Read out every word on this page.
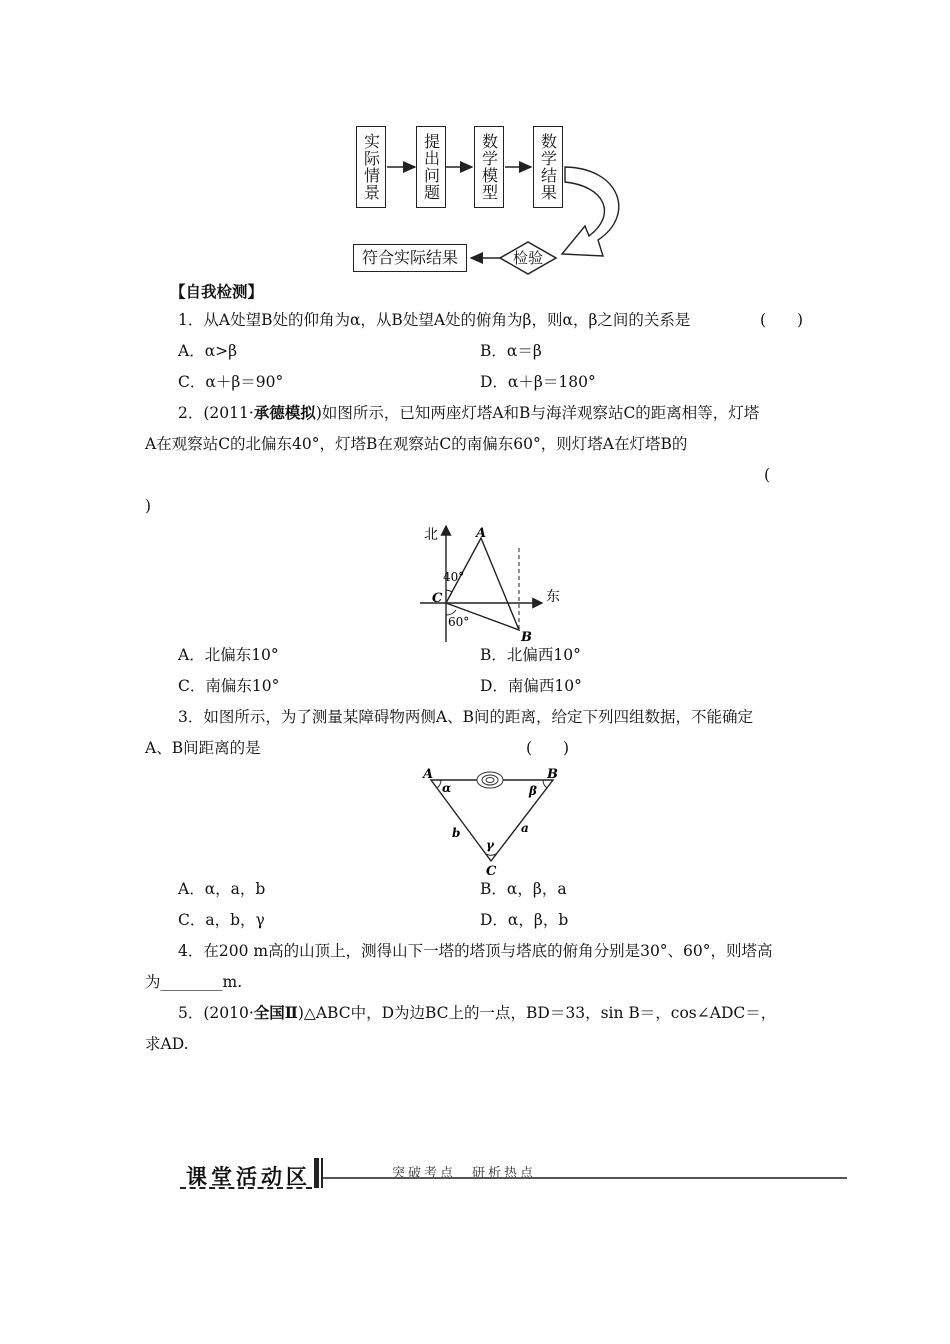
实际情景	提出问题	数学模型	数学结果
检验
符合实际结果
【自我检测】
1．从A处望B处的仰角为α，从B处望A处的俯角为β，则α，β之间的关系是	(　　)
A．α>β	B．α＝β
C．α＋β＝90°	D．α＋β＝180°
2．(2011·承德模拟)如图所示，已知两座灯塔A和B与海洋观察站C的距离相等，灯塔
A在观察站C的北偏东40°，灯塔B在观察站C的南偏东60°，则灯塔A在灯塔B的
(
)
北
东
A
B
C
40°
60°
A．北偏东10°	B．北偏西10°
C．南偏东10°	D．南偏西10°
3．如图所示，为了测量某障碍物两侧A、B间的距离，给定下列四组数据，不能确定
A、B间距离的是	(　　)
A	B
C
α	β
γ
a
b
A．α，a，b	B．α，β，a
C．a，b，γ	D．α，β，b
4．在200 m高的山顶上，测得山下一塔的塔顶与塔底的俯角分别是30°、60°，则塔高
为________m.
5．(2010·全国Ⅱ)△ABC中，D为边BC上的一点，BD＝33，sin B＝，cos∠ADC＝，
求AD.
课堂活动区	突破考点　研析热点
